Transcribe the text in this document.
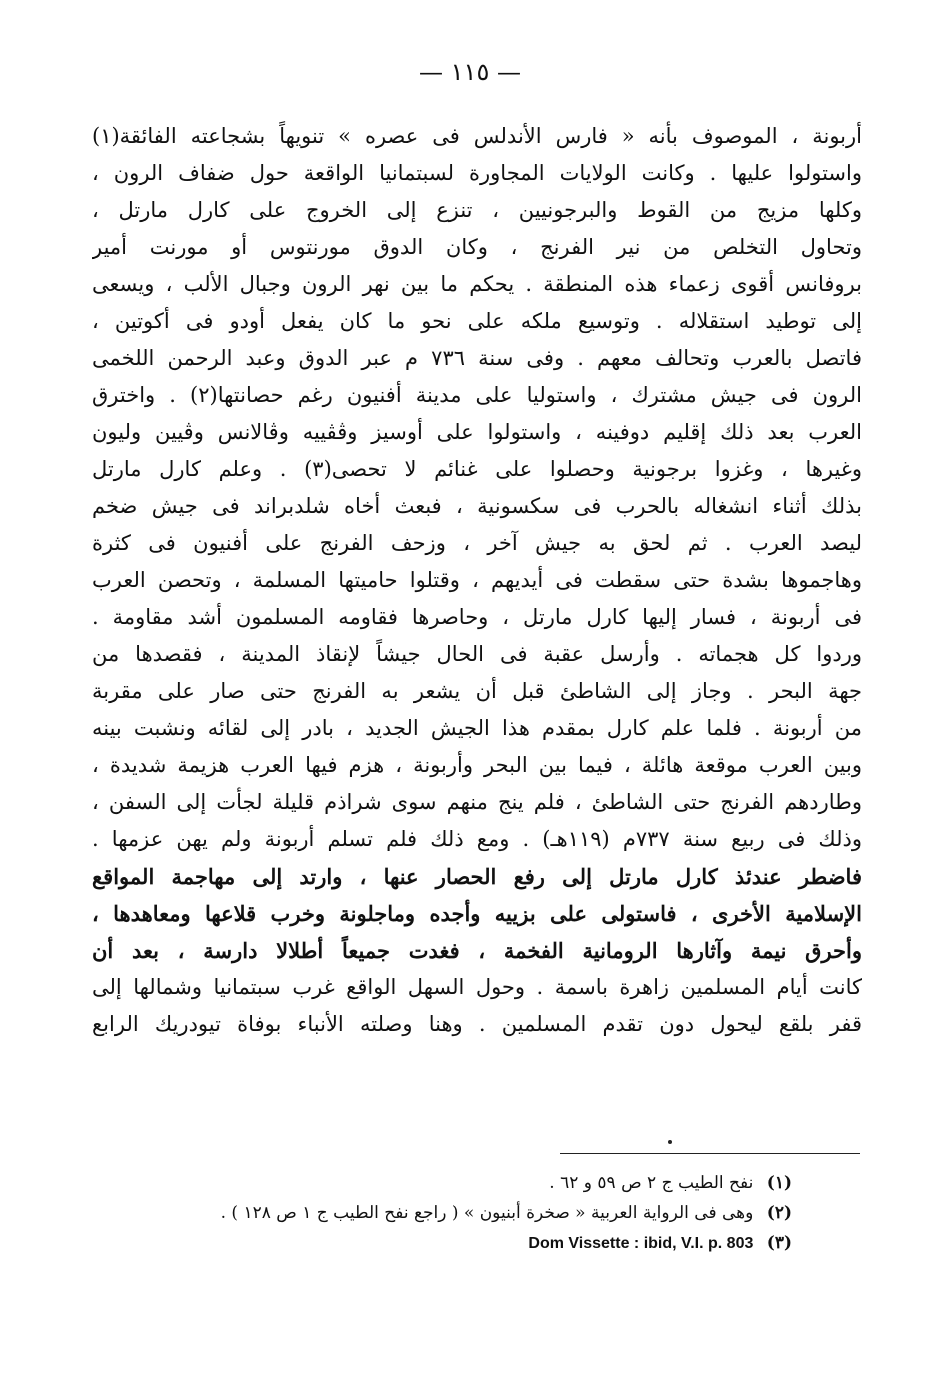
— ١١٥ —
أربونة ، الموصوف بأنه « فارس الأندلس فى عصره » تنويهاً بشجاعته الفائقة(١)
واستولوا عليها . وكانت الولايات المجاورة لسبتمانيا الواقعة حول ضفاف الرون ،
وكلها مزيج من القوط والبرجونيين ، تنزع إلى الخروج على كارل مارتل ،
وتحاول التخلص من نير الفرنج ، وكان الدوق مورنتوس أو مورنت أمير
بروفانس أقوى زعماء هذه المنطقة . يحكم ما بين نهر الرون وجبال الألب ، ويسعى
إلى توطيد استقلاله . وتوسيع ملكه على نحو ما كان يفعل أودو فى أكوتين ،
فاتصل بالعرب وتحالف معهم . وفى سنة ٧٣٦ م عبر الدوق وعبد الرحمن اللخمى
الرون فى جيش مشترك ، واستوليا على مدينة أفنيون رغم حصانتها(٢) . واخترق
العرب بعد ذلك إقليم دوفينه ، واستولوا على أوسيز وڤڤييه وڤالانس وڤيين وليون
وغيرها ، وغزوا برجونية وحصلوا على غنائم لا تحصى(٣) . وعلم كارل مارتل
بذلك أثناء انشغاله بالحرب فى سكسونية ، فبعث أخاه شلدبراند فى جيش ضخم
ليصد العرب . ثم لحق به جيش آخر ، وزحف الفرنج على أفنيون فى كثرة
وهاجموها بشدة حتى سقطت فى أيديهم ، وقتلوا حاميتها المسلمة ، وتحصن العرب
فى أربونة ، فسار إليها كارل مارتل ، وحاصرها فقاومه المسلمون أشد مقاومة .
وردوا كل هجماته . وأرسل عقبة فى الحال جيشاً لإنقاذ المدينة ، فقصدها من
جهة البحر . وجاز إلى الشاطئ قبل أن يشعر به الفرنج حتى صار على مقربة
من أربونة . فلما علم كارل بمقدم هذا الجيش الجديد ، بادر إلى لقائه ونشبت بينه
وبين العرب موقعة هائلة ، فيما بين البحر وأربونة ، هزم فيها العرب هزيمة شديدة ،
وطاردهم الفرنج حتى الشاطئ ، فلم ينج منهم سوى شراذم قليلة لجأت إلى السفن ،
وذلك فى ربيع سنة ٧٣٧م (١١٩هـ) . ومع ذلك فلم تسلم أربونة ولم يهن عزمها .
فاضطر عندئذ كارل مارتل إلى رفع الحصار عنها ، وارتد إلى مهاجمة المواقع
الإسلامية الأخرى ، فاستولى على بزييه وأجده وماجلونة وخرب قلاعها ومعاهدها ،
وأحرق نيمة وآثارها الرومانية الفخمة ، فغدت جميعاً أطلالا دارسة ، بعد أن
كانت أيام المسلمين زاهرة باسمة . وحول السهل الواقع غرب سبتمانيا وشمالها إلى
قفر بلقع ليحول دون تقدم المسلمين . وهنا وصلته الأنباء بوفاة تيودريك الرابع
(١) نفح الطيب ج ٢ ص ٥٩ و ٦٢ .
(٢) وهى فى الرواية العربية « صخرة أبنيون » ( راجع نفح الطيب ج ١ ص ١٢٨ ) .
(٣) Dom Vissette : ibid, V.I. p. 803
